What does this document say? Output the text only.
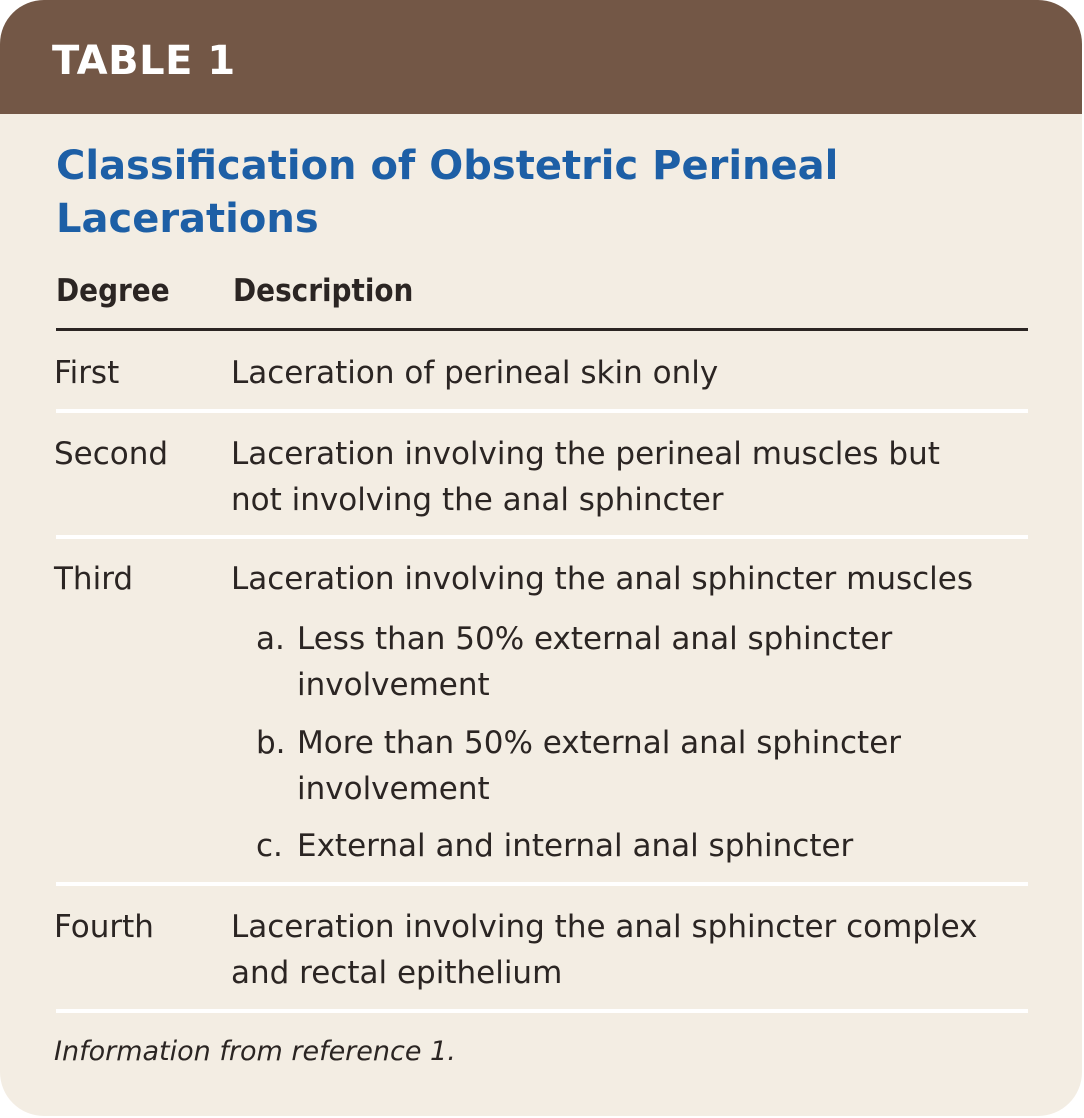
TABLE 1
Classification of Obstetric Perineal
Lacerations
Degree Description
First	Laceration of perineal skin only
Second Laceration involving the perineal muscles but
not involving the anal sphincter
Third	Laceration involving the anal sphincter muscles
a. Less than 50% external anal sphincter
involvement
b. More than 50% external anal sphincter
involvement
c. External and internal anal sphincter
Fourth Laceration involving the anal sphincter complex
and rectal epithelium
Information from reference 1.
